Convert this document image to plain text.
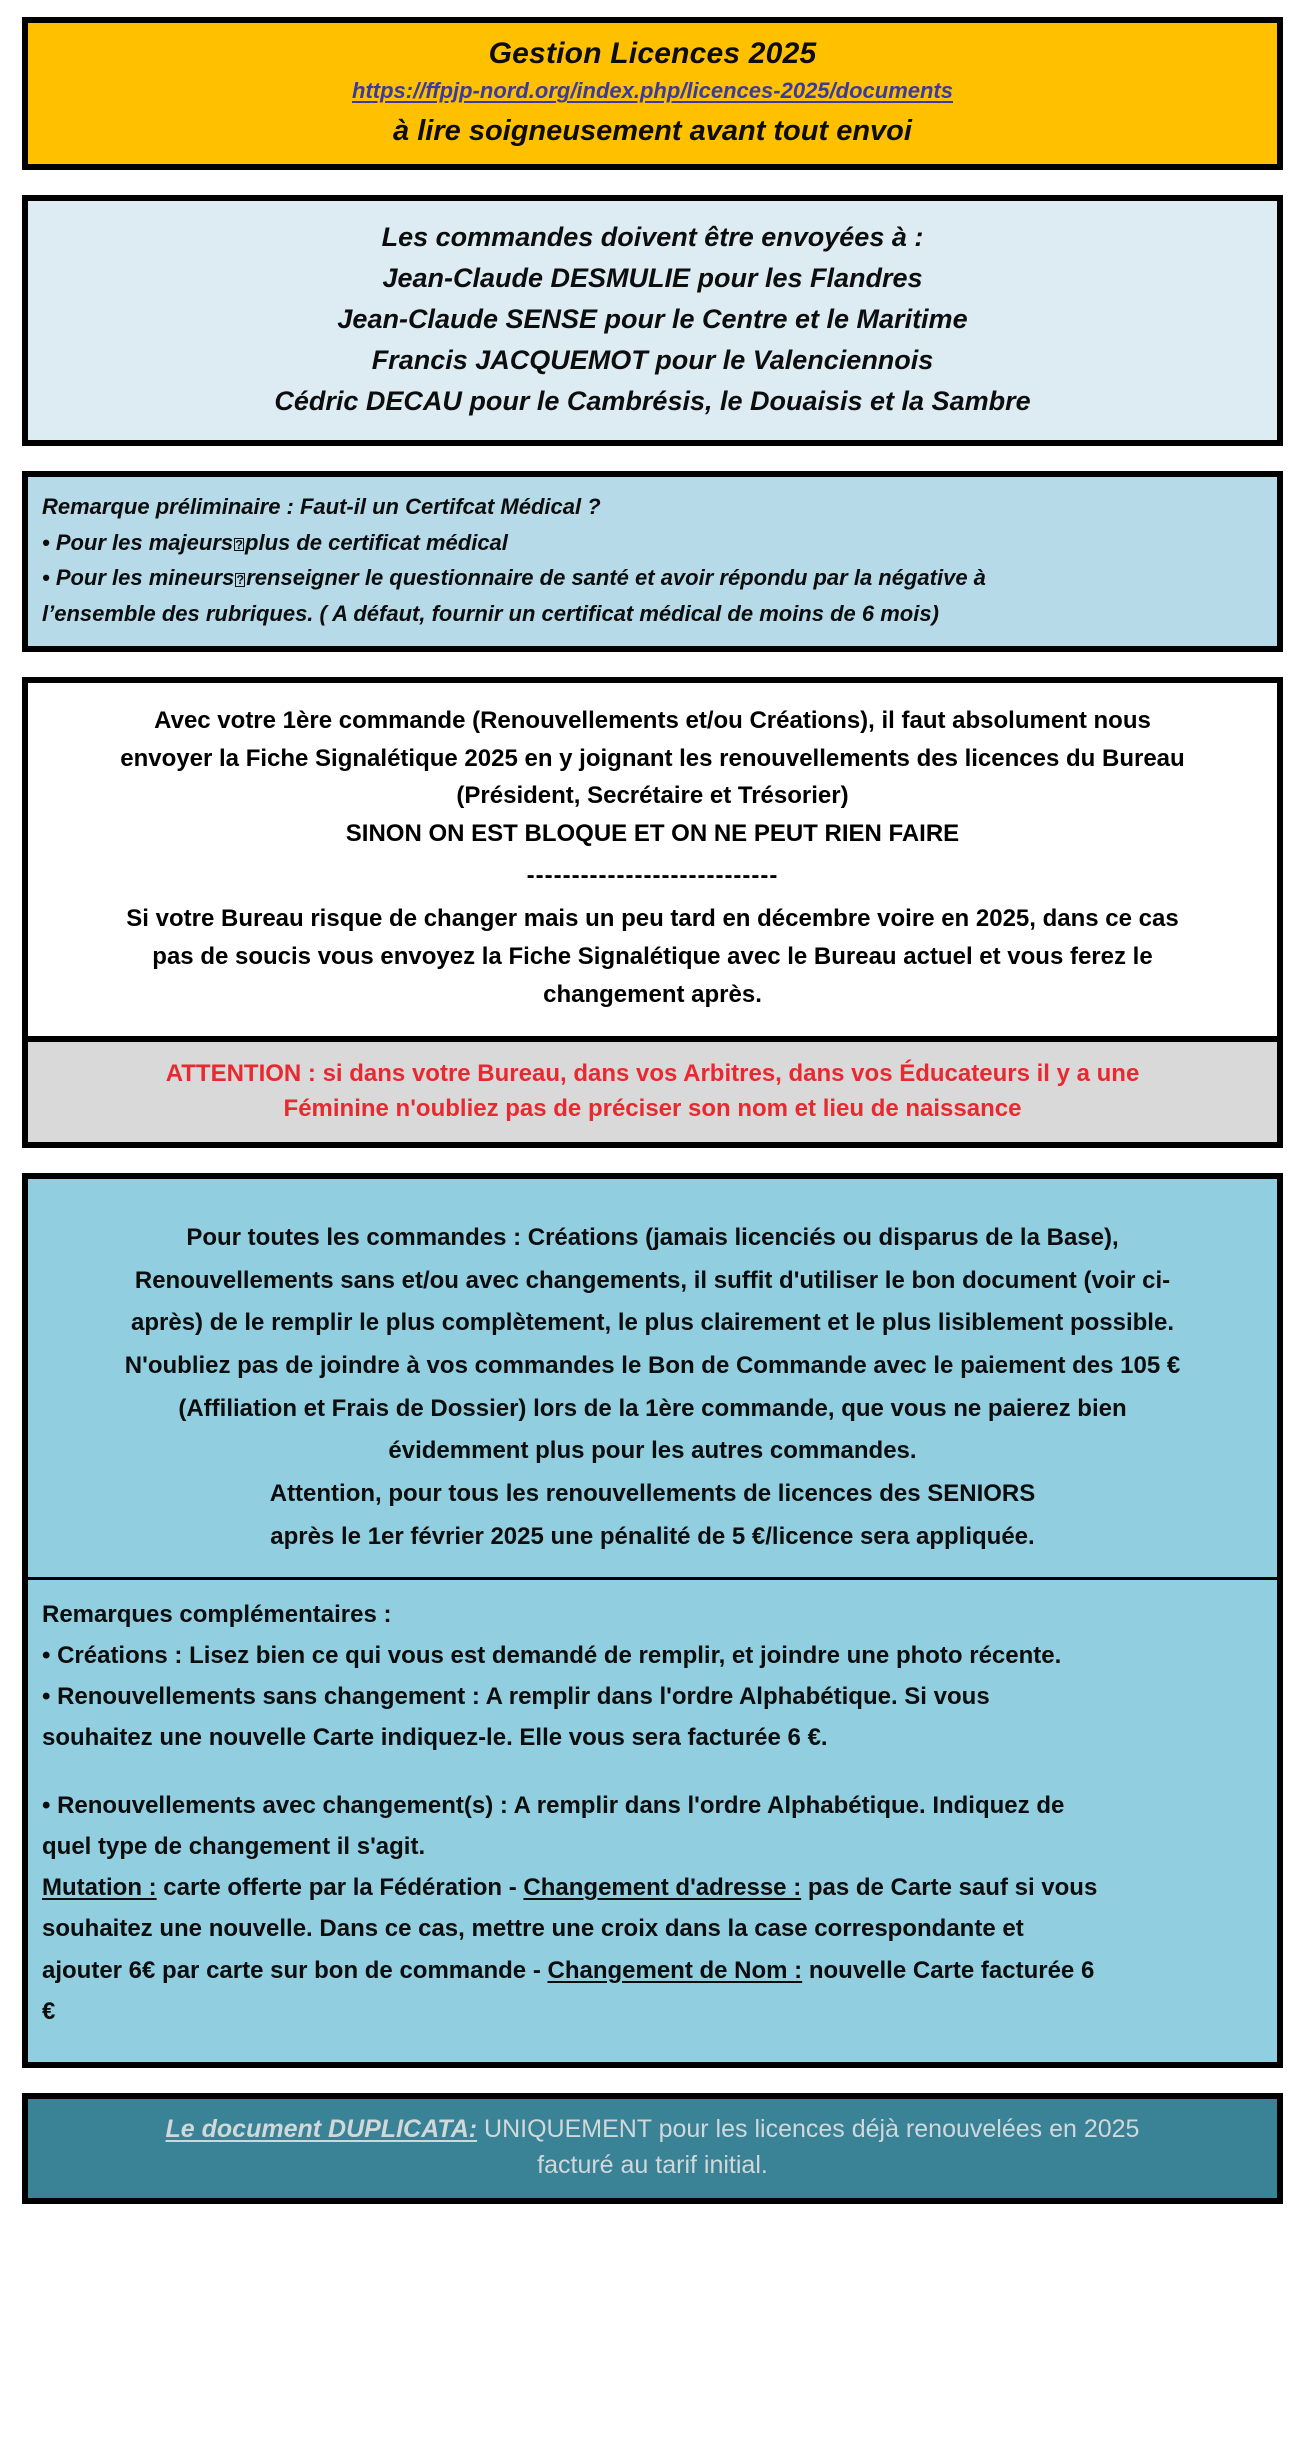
Gestion Licences 2025
https://ffpjp-nord.org/index.php/licences-2025/documents
à lire soigneusement avant tout envoi
Les commandes doivent être envoyées à :
Jean-Claude DESMULIE pour les Flandres
Jean-Claude SENSE pour le Centre et le Maritime
Francis JACQUEMOT pour le Valenciennois
Cédric DECAU pour le Cambrésis, le Douaisis et la Sambre
Remarque préliminaire : Faut-il un Certifcat Médical ?
• Pour les majeurs ?plus de certificat médical
• Pour les mineurs ?renseigner le questionnaire de santé et avoir répondu par la négative à
l’ensemble des rubriques. ( A défaut, fournir un certificat médical de moins de 6 mois)
Avec votre 1ère commande (Renouvellements et/ou Créations), il faut absolument nous
envoyer la Fiche Signalétique 2025 en y joignant les renouvellements des licences du Bureau
(Président, Secrétaire et Trésorier)
SINON ON EST BLOQUE ET ON NE PEUT RIEN FAIRE
----------------------------
Si votre Bureau risque de changer mais un peu tard en décembre voire en 2025, dans ce cas
pas de soucis vous envoyez la Fiche Signalétique avec le Bureau actuel et vous ferez le
changement après.
ATTENTION : si dans votre Bureau, dans vos Arbitres, dans vos Éducateurs il y a une
Féminine n'oubliez pas de préciser son nom et lieu de naissance
Pour toutes les commandes : Créations (jamais licenciés ou disparus de la Base),
Renouvellements sans et/ou avec changements, il suffit d'utiliser le bon document (voir ci-
après) de le remplir le plus complètement, le plus clairement et le plus lisiblement possible.
N'oubliez pas de joindre à vos commandes le Bon de Commande avec le paiement des 105 €
(Affiliation et Frais de Dossier) lors de la 1ère commande, que vous ne paierez bien
évidemment plus pour les autres commandes.
Attention, pour tous les renouvellements de licences des SENIORS
après le 1er février 2025 une pénalité de 5 €/licence sera appliquée.
Remarques complémentaires :
• Créations : Lisez bien ce qui vous est demandé de remplir, et joindre une photo récente.
• Renouvellements sans changement : A remplir dans l'ordre Alphabétique. Si vous
souhaitez une nouvelle Carte indiquez-le. Elle vous sera facturée 6 €.
• Renouvellements avec changement(s) : A remplir dans l'ordre Alphabétique. Indiquez de
quel type de changement il s'agit.
Mutation : carte offerte par la Fédération - Changement d'adresse : pas de Carte sauf si vous
souhaitez une nouvelle. Dans ce cas, mettre une croix dans la case correspondante et
ajouter 6€ par carte sur bon de commande - Changement de Nom : nouvelle Carte facturée 6
€
Le document DUPLICATA: UNIQUEMENT pour les licences déjà renouvelées en 2025
facturé au tarif initial.
